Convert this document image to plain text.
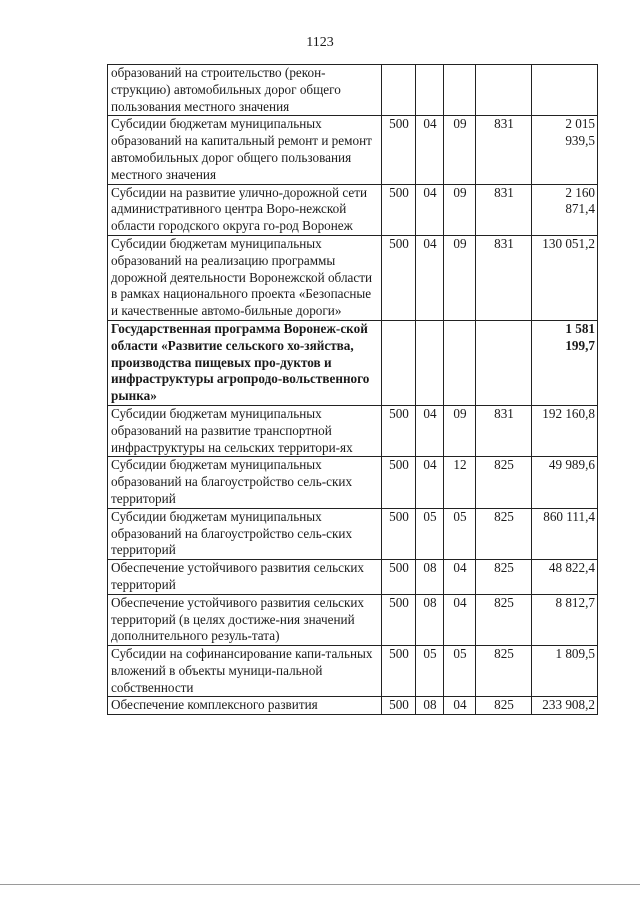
1123
образований на строительство (рекон-струкцию) автомобильных дорог общего пользования местного значения					
Субсидии бюджетам муниципальных образований на капитальный ремонт и ремонт автомобильных дорог общего пользования местного значения	500	04	09	831	2 015 939,5
Субсидии на развитие улично-дорожной сети административного центра Воро-нежской области городского округа го-род Воронеж	500	04	09	831	2 160 871,4
Субсидии бюджетам муниципальных образований на реализацию программы дорожной деятельности Воронежской области в рамках национального проекта «Безопасные и качественные автомо-бильные дороги»	500	04	09	831	130 051,2
Государственная программа Воронеж-ской области «Развитие сельского хо-зяйства, производства пищевых про-дуктов и инфраструктуры агропродо-вольственного рынка»					1 581 199,7
Субсидии бюджетам муниципальных образований на развитие транспортной инфраструктуры на сельских территори-ях	500	04	09	831	192 160,8
Субсидии бюджетам муниципальных образований на благоустройство сель-ских территорий	500	04	12	825	49 989,6
Субсидии бюджетам муниципальных образований на благоустройство сель-ских территорий	500	05	05	825	860 111,4
Обеспечение устойчивого развития сельских территорий	500	08	04	825	48 822,4
Обеспечение устойчивого развития сельских территорий (в целях достиже-ния значений дополнительного резуль-тата)	500	08	04	825	8 812,7
Субсидии на софинансирование капи-тальных вложений в объекты муници-пальной собственности	500	05	05	825	1 809,5
Обеспечение комплексного развития	500	08	04	825	233 908,2
